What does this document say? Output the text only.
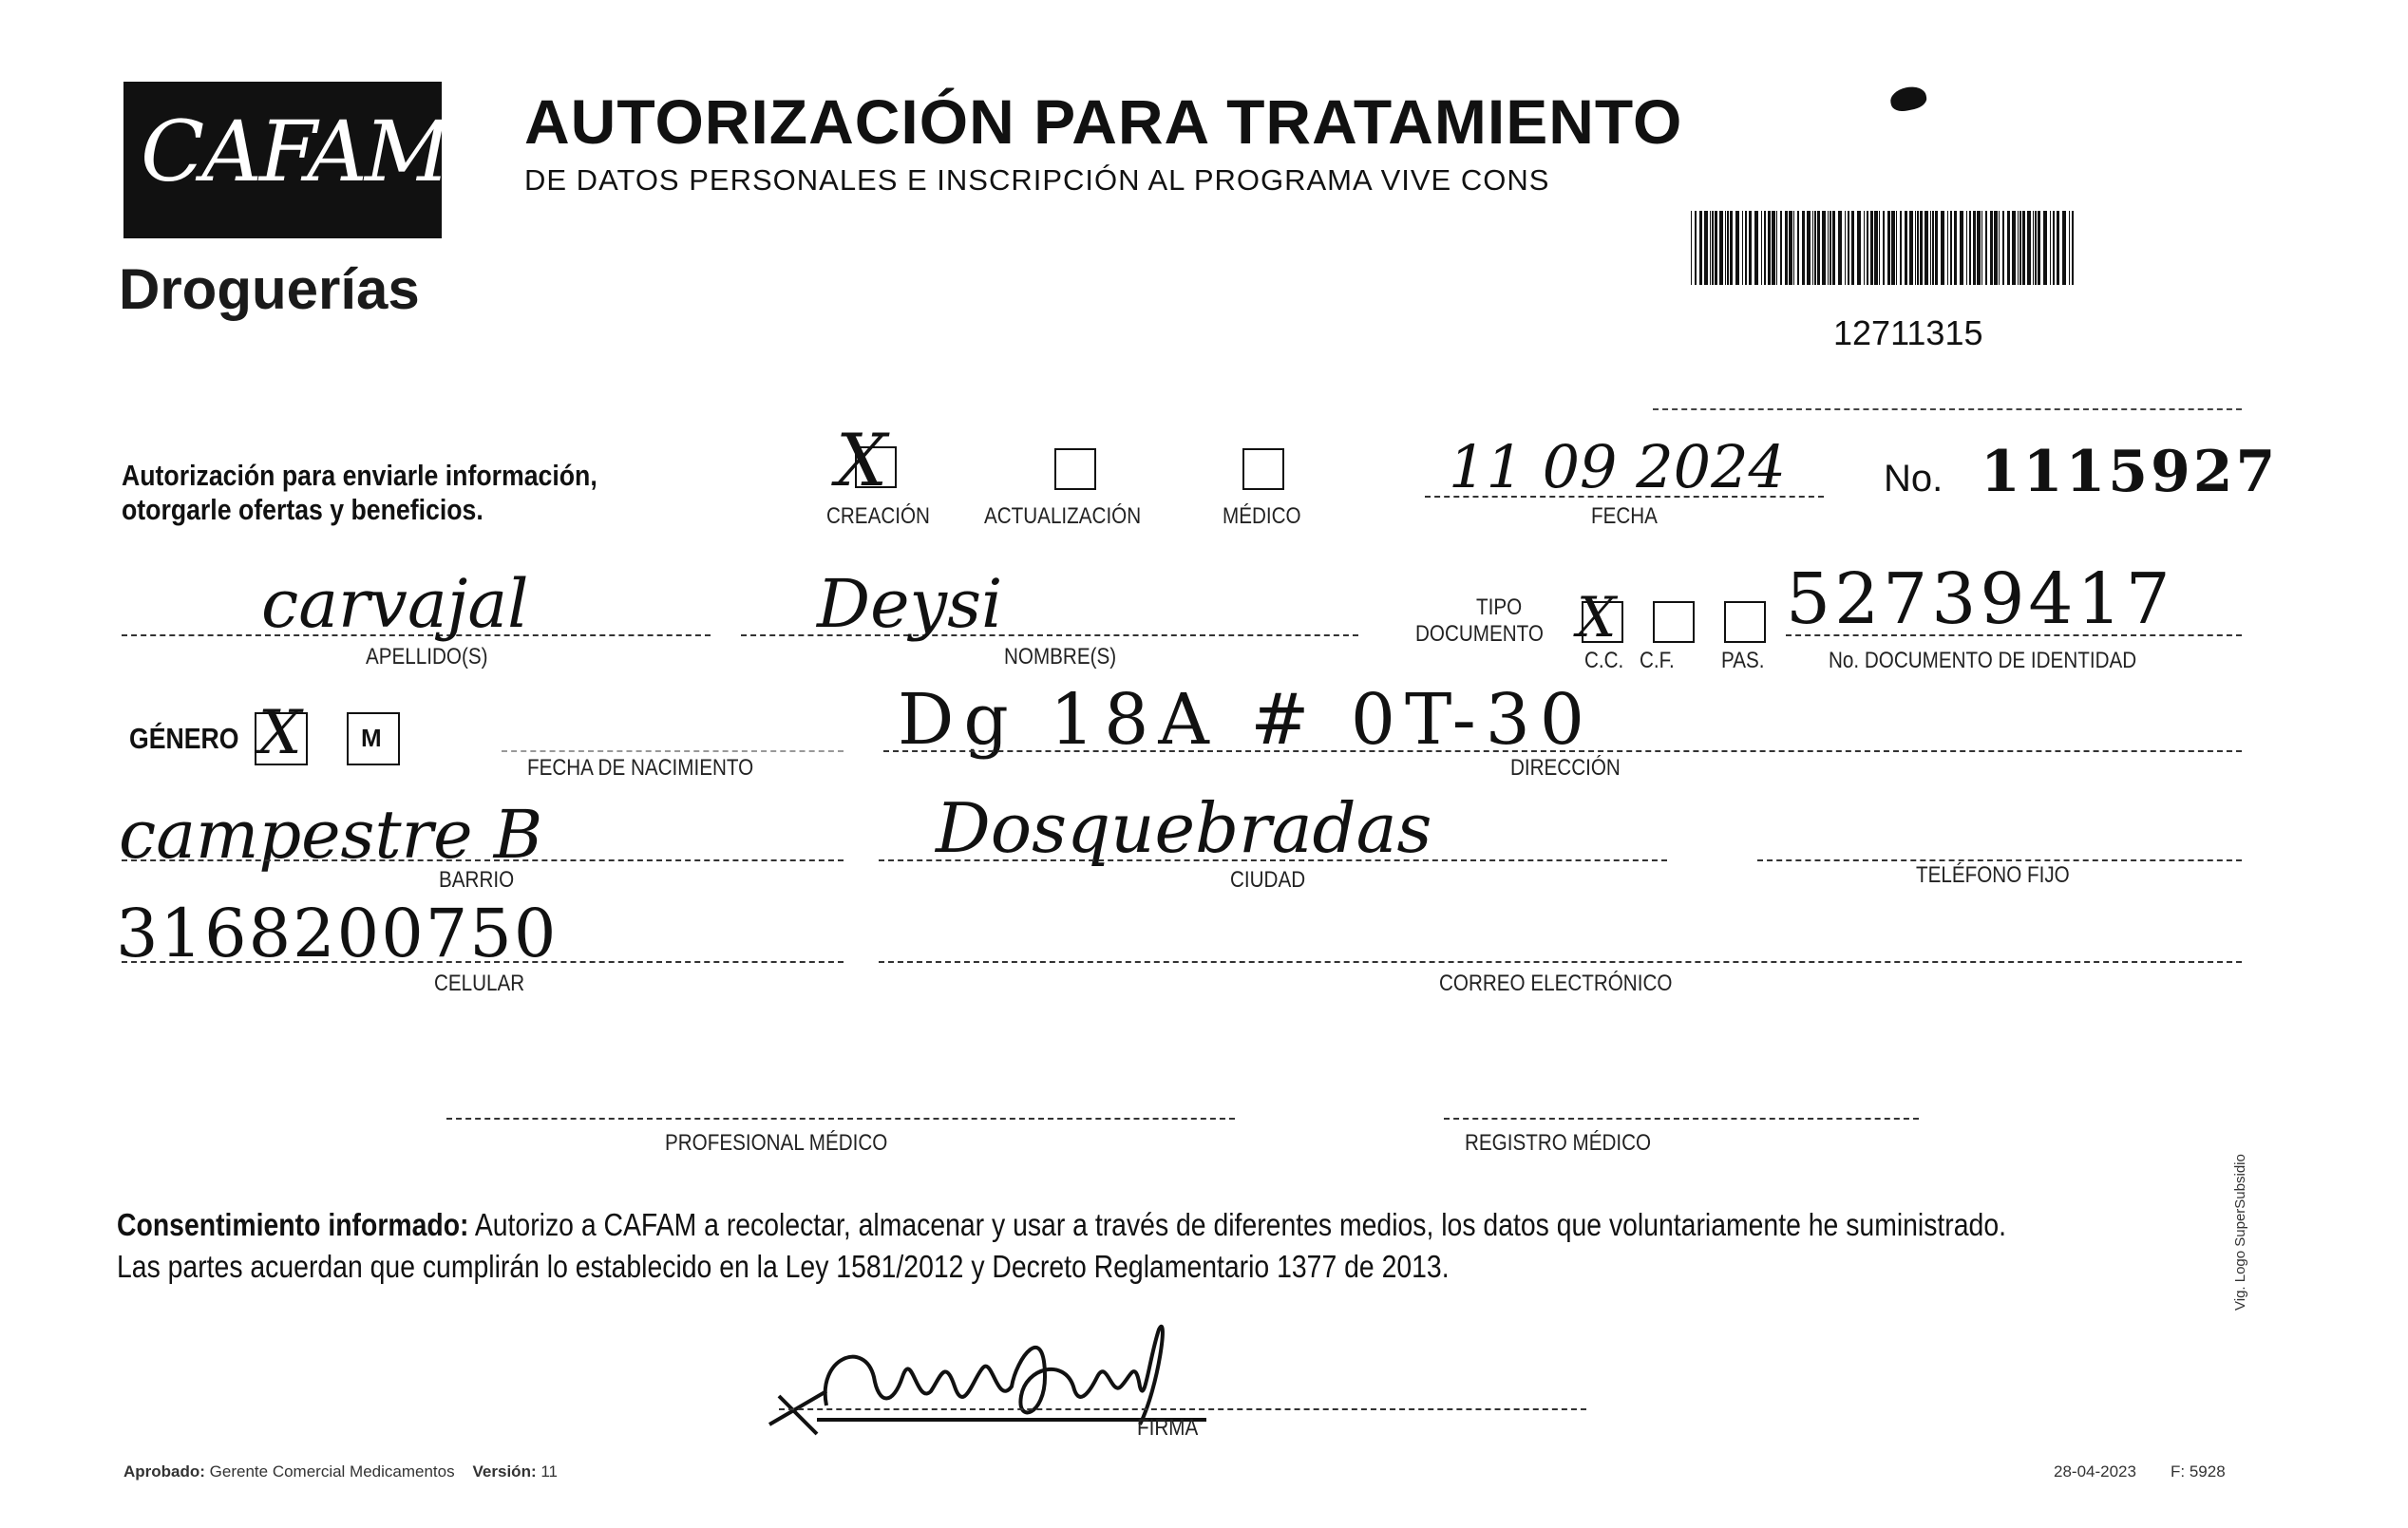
CAFAM
Droguerías
AUTORIZACIÓN PARA TRATAMIENTO
DE DATOS PERSONALES E INSCRIPCIÓN AL PROGRAMA VIVE CONS
12711315
Autorización para enviarle información,
otorgarle ofertas y beneficios.
X
CREACIÓN ACTUALIZACIÓN	MÉDICO
11 09 2024
FECHA
No. 1115927
carvajal
APELLIDO(S)
Deysi
NOMBRE(S)
TIPO
DOCUMENTO X
C.C. C.F. PAS.
52739417
No. DOCUMENTO DE IDENTIDAD
GÉNERO X M
FECHA DE NACIMIENTO
Dg 18A # 0T-30
DIRECCIÓN
campestre B
BARRIO
Dosquebradas
CIUDAD	TELÉFONO FIJO
3168200750
CELULAR	CORREO ELECTRÓNICO
PROFESIONAL MÉDICO	REGISTRO MÉDICO
Consentimiento informado: Autorizo a CAFAM a recolectar, almacenar y usar a través de diferentes medios, los datos que voluntariamente he suministrado.
Las partes acuerdan que cumplirán lo establecido en la Ley 1581/2012 y Decreto Reglamentario 1377 de 2013.
FIRMA
Aprobado: Gerente Comercial Medicamentos Versión: 11	28-04-2023 F: 5928
Vig. Logo SuperSubsidio
